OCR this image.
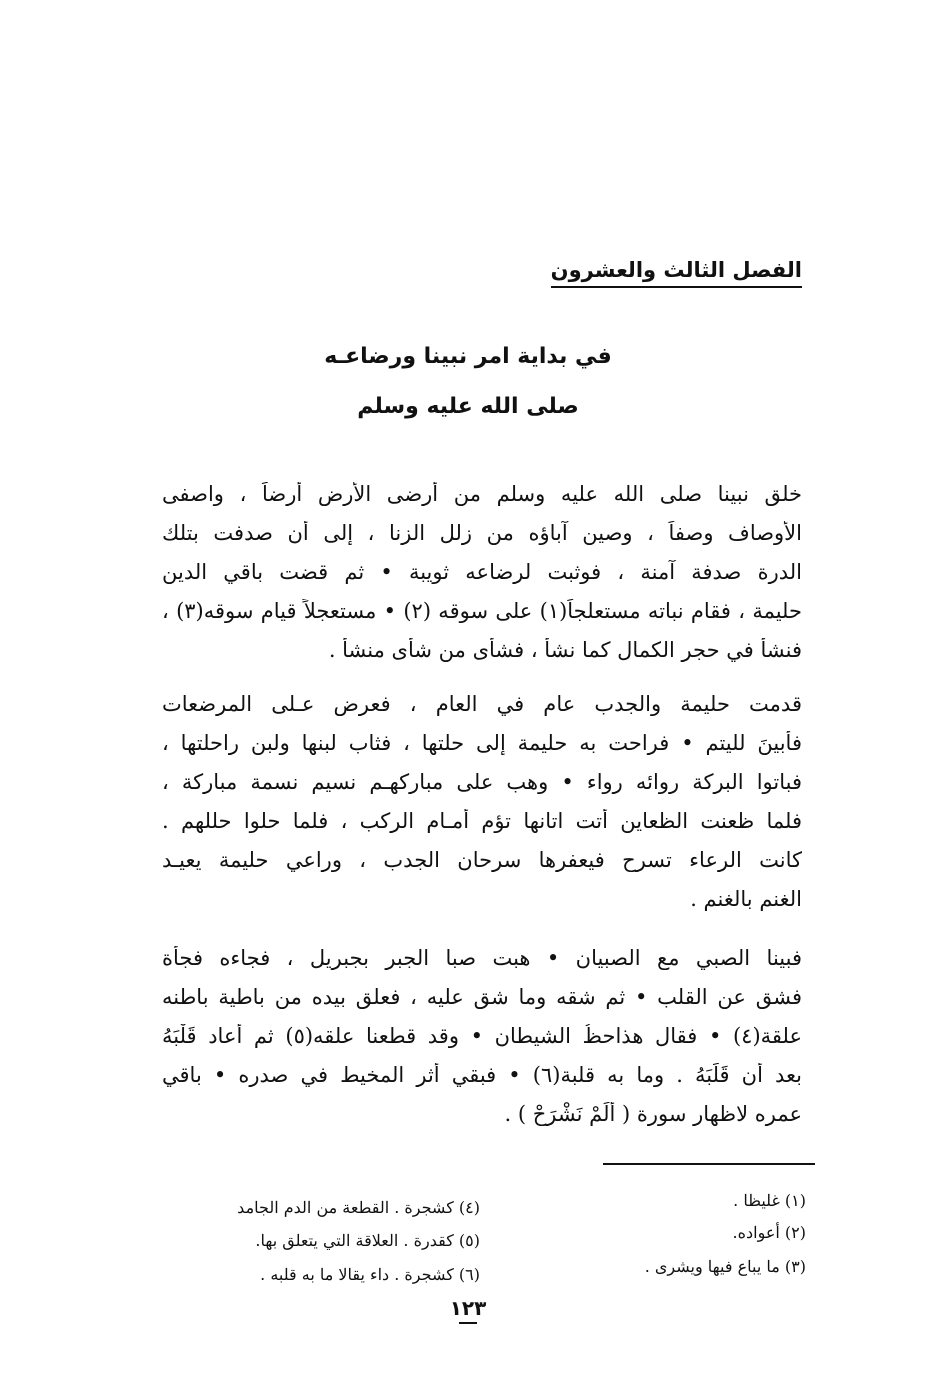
الفصل الثالث والعشرون
في بداية امر نبينا ورضاعـه
صلى الله عليه وسلم
خلق نبينا صلى الله عليه وسلم من أرضى الأرض أرضاً ، واصفى
الأوصاف وصفاً ، وصين آباؤه من زلل الزنا ، إلى أن صدفت بتلك
الدرة صدفة آمنة ، فوثبت لرضاعه ثويبة • ثم قضت باقي الدين
حليمة ، فقام نباته مستعلجاً(١) على سوقه (٢) • مستعجلاً قيام سوقه(٣) ،
فنشأ في حجر الكمال كما نشأ ، فشأى من شأى منشأ .
قدمت حليمة والجدب عام في العام ، فعرض عـلى المرضعات
فأبينَ لليتم • فراحت به حليمة إلى حلتها ، فثاب لبنها ولبن راحلتها ،
فباتوا البركة روائه رواء • وهب على مباركهـم نسيم نسمة مباركة ،
فلما ظعنت الظعاين أتت اتانها تؤم أمـام الركب ، فلما حلوا حللهم .
كانت الرعاء تسرح فيعفرها سرحان الجدب ، وراعي حليمة يعيـد
الغنم بالغنم .
فبينا الصبي مع الصبيان • هبت صبا الجبر بجبريل ، فجاءه فجأة
فشق عن القلب • ثم شقه وما شق عليه ، فعلق بيده من باطية باطنه
علقة(٤) • فقال هذاحظُ الشيطان • وقد قطعنا علقه(٥) ثم أعاد قَلْبَهُ
بعد أن قَلَبَهُ . وما به قلبة(٦) • فبقي أثر المخيط في صدره • باقي
عمره لاظهار سورة ( أَلَمْ نَشْرَحْ ) .
(١) غليظا .
(٢) أعواده.
(٣) ما يباع فيها ويشرى .
(٤) كشجرة . القطعة من الدم الجامد
(٥) كقدرة . العلاقة التي يتعلق بها.
(٦) كشجرة . داء يقالا ما به قلبه .
١٢٣
